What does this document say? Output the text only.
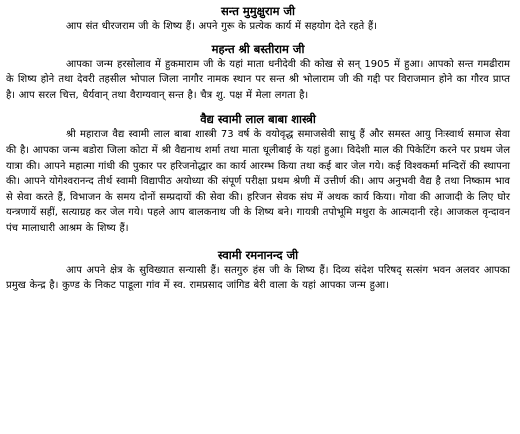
सन्त मुमुक्षुराम जी

आप संत धीरजराम जी के शिष्य हैं। अपने गुरू के प्रत्येक कार्य में सहयोग देते रहते हैं।

महन्त श्री बस्तीराम जी

आपका जन्म हरसोलाव में हुकमाराम जी के यहां माता धनीदेवी की कोख से सन् 1905 में हुआ। आपको सन्त गमढीराम के शिष्य होने तथा देवरी तहसील भोपाल जिला नागौर नामक स्थान पर सन्त श्री भोलाराम जी की गद्दी पर विराजमान होने का गौरव प्राप्त है। आप सरल चित्त, धैर्यवान् तथा वैराग्यवान् सन्त है। चैत्र शु. पक्ष में मेला लगता है।

वैद्य स्वामी लाल बाबा शास्त्री

श्री महाराज वैद्य स्वामी लाल बाबा शास्त्री 73 वर्ष के वयोवृद्ध समाजसेवी साधु हैं और समस्त आयु निःस्वार्थ समाज सेवा की है। आपका जन्म बडोरा जिला कोटा में श्री वैद्यनाथ शर्मा तथा माता धूलीबाई के यहां हुआ। विदेशी माल की पिकेटिंग करने पर प्रथम जेल यात्रा की। आपने महात्मा गांधी की पुकार पर हरिजनोद्धार का कार्य आरम्भ किया तथा कई बार जेल गये। कई विश्वकर्मा मन्दिरों की स्थापना की। आपने योगेश्वरानन्द तीर्थ स्वामी विद्यापीठ अयोध्या की संपूर्ण परीक्षा प्रथम श्रेणी में उत्तीर्ण की। आप अनुभवी वैद्य है तथा निष्काम भाव से सेवा करते हैं, विभाजन के समय दोनों सम्प्रदायों की सेवा की। हरिजन सेवक संघ में अथक कार्य किया। गोवा की आजादी के लिए घोर यन्त्रणायें सहीं, सत्याग्रह कर जेल गये। पहले आप बालकनाथ जी के शिष्य बने। गायत्री तपोभूमि मथुरा के आत्मदानी रहे। आजकल वृन्दावन पंच मालाधारी आश्रम के शिष्य हैं।

स्वामी रमनानन्द जी

आप अपने क्षेत्र के सुविख्यात सन्यासी हैं। सतगुरु हंस जी के शिष्य हैं। दिव्य संदेश परिषद् सत्संग भवन अलवर आपका प्रमुख केन्द्र है। कुण्ड के निकट पाडूला गांव में स्व. रामप्रसाद जांगिड बेरी वाला के यहां आपका जन्म हुआ।
